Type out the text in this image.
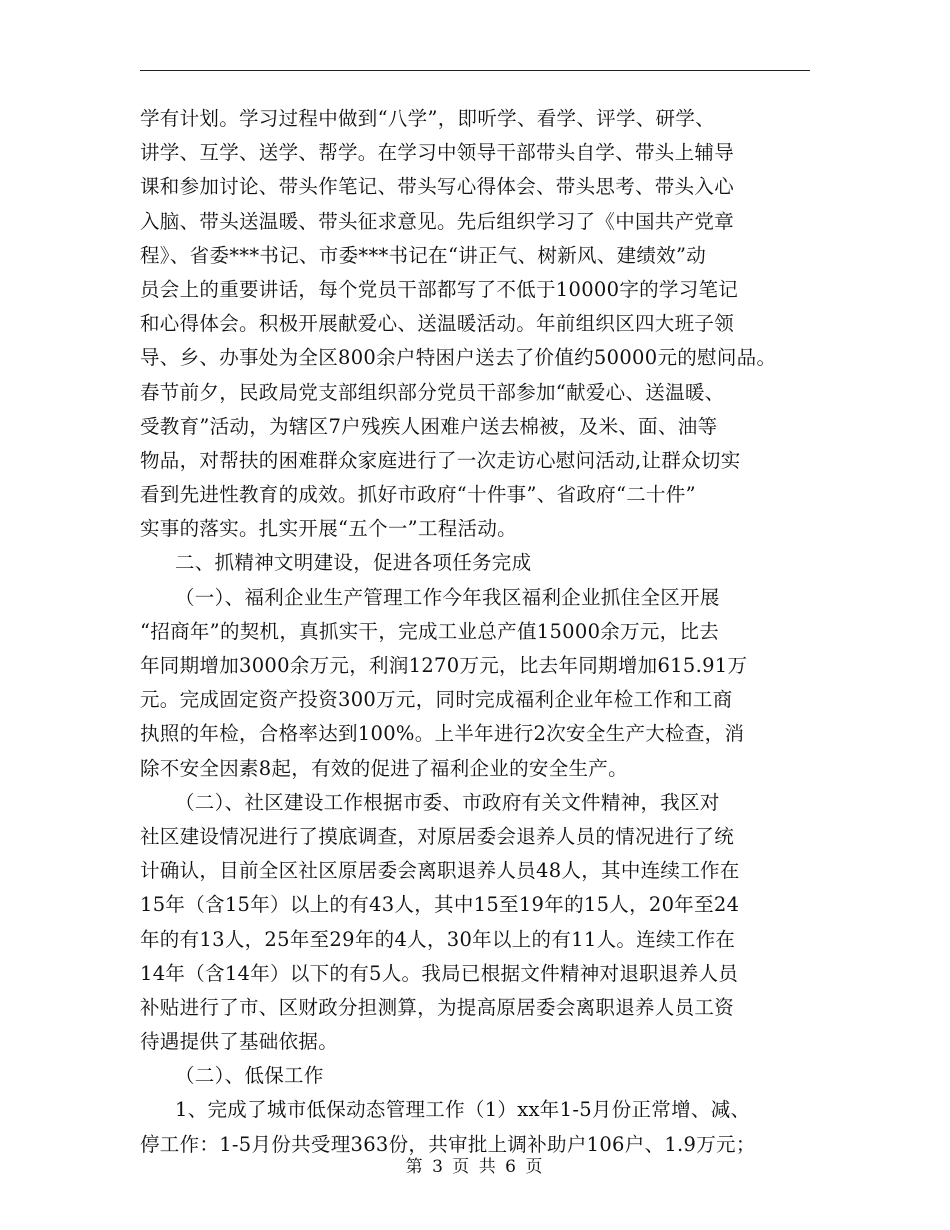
学有计划。学习过程中做到“八学”，即听学、看学、评学、研学、
讲学、互学、送学、帮学。在学习中领导干部带头自学、带头上辅导
课和参加讨论、带头作笔记、带头写心得体会、带头思考、带头入心
入脑、带头送温暖、带头征求意见。先后组织学习了《中国共产党章
程》、省委***书记、市委***书记在“讲正气、树新风、建绩效”动
员会上的重要讲话，每个党员干部都写了不低于10000字的学习笔记
和心得体会。积极开展献爱心、送温暖活动。年前组织区四大班子领
导、乡、办事处为全区800余户特困户送去了价值约50000元的慰问品。
春节前夕，民政局党支部组织部分党员干部参加“献爱心、送温暖、
受教育”活动，为辖区7户残疾人困难户送去棉被，及米、面、油等
物品，对帮扶的困难群众家庭进行了一次走访心慰问活动,让群众切实
看到先进性教育的成效。抓好市政府“十件事”、省政府“二十件”
实事的落实。扎实开展“五个一”工程活动。
二、抓精神文明建设，促进各项任务完成
（一）、福利企业生产管理工作今年我区福利企业抓住全区开展
“招商年”的契机，真抓实干，完成工业总产值15000余万元，比去
年同期增加3000余万元，利润1270万元，比去年同期增加615.91万
元。完成固定资产投资300万元，同时完成福利企业年检工作和工商
执照的年检，合格率达到100%。上半年进行2次安全生产大检查，消
除不安全因素8起，有效的促进了福利企业的安全生产。
（二）、社区建设工作根据市委、市政府有关文件精神，我区对
社区建设情况进行了摸底调查，对原居委会退养人员的情况进行了统
计确认，目前全区社区原居委会离职退养人员48人，其中连续工作在
15年（含15年）以上的有43人，其中15至19年的15人，20年至24
年的有13人，25年至29年的4人，30年以上的有11人。连续工作在
14年（含14年）以下的有5人。我局已根据文件精神对退职退养人员
补贴进行了市、区财政分担测算，为提高原居委会离职退养人员工资
待遇提供了基础依据。
（二）、低保工作
1、完成了城市低保动态管理工作（1）xx年1-5月份正常增、减、
停工作：1-5月份共受理363份，共审批上调补助户106户、1.9万元；
第 3 页 共 6 页
